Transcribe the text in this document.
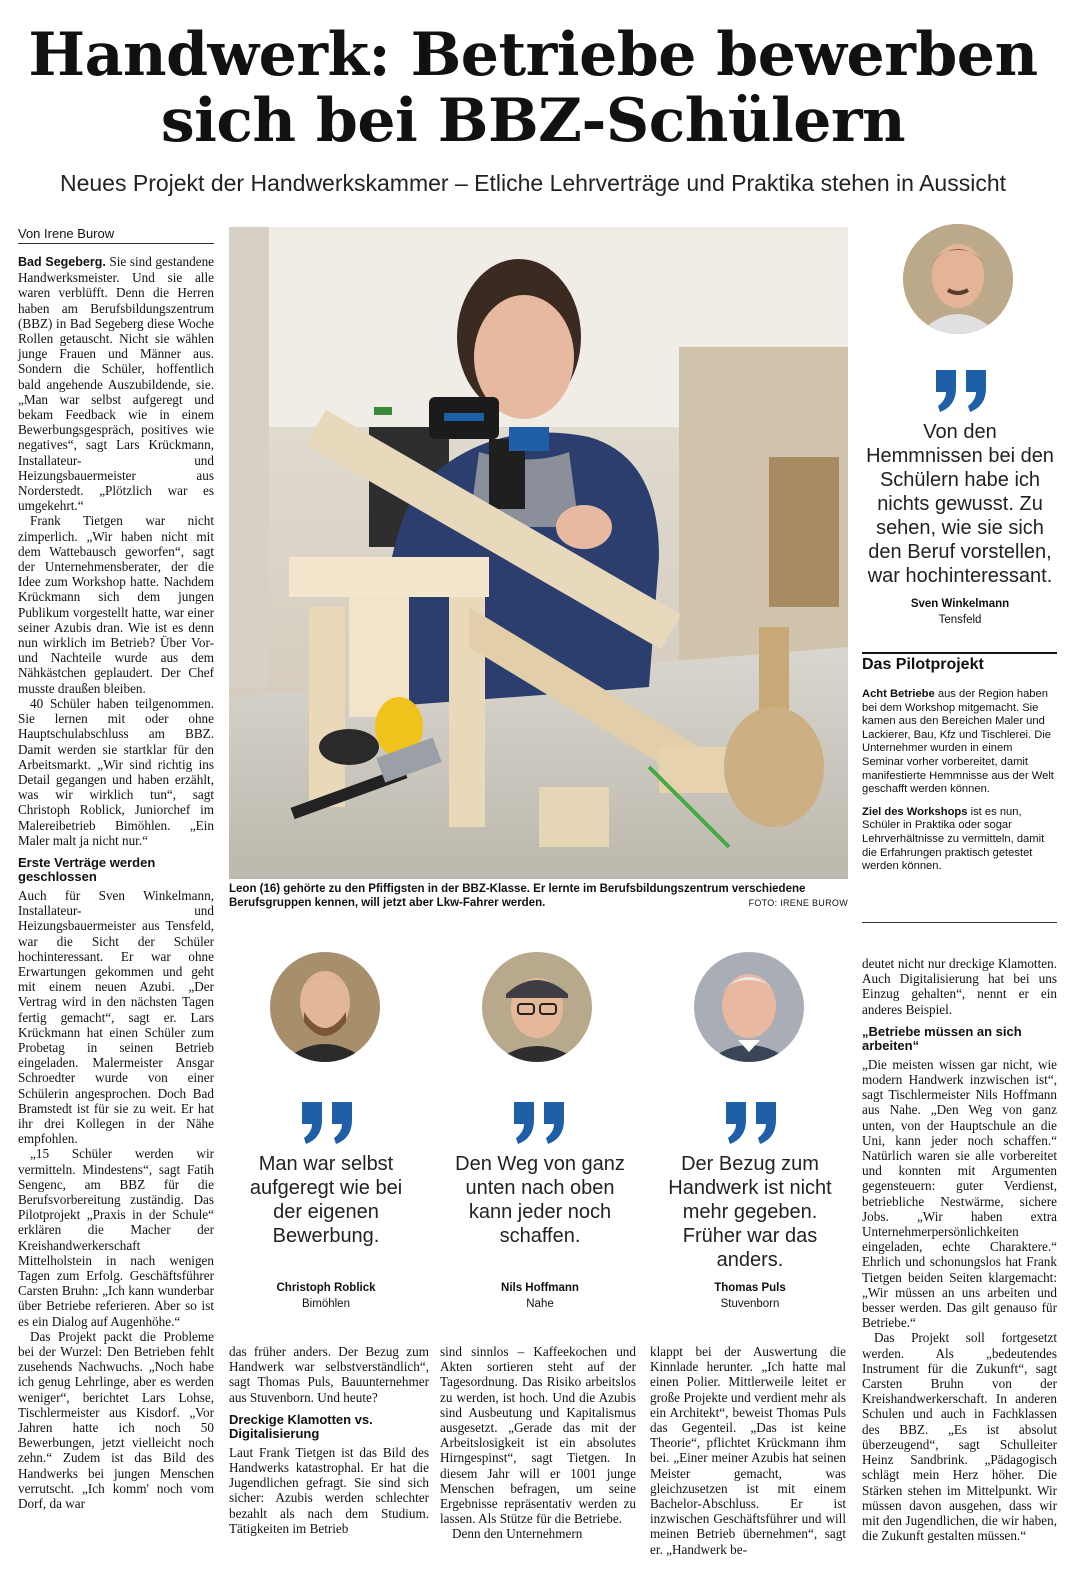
Handwerk: Betriebe bewerben
sich bei BBZ-Schülern
Neues Projekt der Handwerkskammer – Etliche Lehrverträge und Praktika stehen in Aussicht
Von Irene Burow

Bad Segeberg. Sie sind gestandene Handwerksmeister. Und sie alle waren verblüfft. Denn die Herren haben am Berufsbildungszentrum (BBZ) in Bad Segeberg diese Woche Rollen getauscht. Nicht sie wählen junge Frauen und Männer aus. Sondern die Schüler, hoffentlich bald angehende Auszubildende, sie. „Man war selbst aufgeregt und bekam Feedback wie in einem Bewerbungsgespräch, positives wie negatives“, sagt Lars Krückmann, Installateur- und Heizungsbauermeister aus Norderstedt. „Plötzlich war es umgekehrt.“

Frank Tietgen war nicht zimperlich. „Wir haben nicht mit dem Wattebausch geworfen“, sagt der Unternehmensberater, der die Idee zum Workshop hatte. Nachdem Krückmann sich dem jungen Publikum vorgestellt hatte, war einer seiner Azubis dran. Wie ist es denn nun wirklich im Betrieb? Über Vor- und Nachteile wurde aus dem Nähkästchen geplaudert. Der Chef musste draußen bleiben.

40 Schüler haben teilgenommen. Sie lernen mit oder ohne Hauptschulabschluss am BBZ. Damit werden sie startklar für den Arbeitsmarkt. „Wir sind richtig ins Detail gegangen und haben erzählt, was wir wirklich tun“, sagt Christoph Roblick, Juniorchef im Malereibetrieb Bimöhlen. „Ein Maler malt ja nicht nur.“

Erste Verträge werden geschlossen

Auch für Sven Winkelmann, Installateur- und Heizungsbauermeister aus Tensfeld, war die Sicht der Schüler hochinteressant. Er war ohne Erwartungen gekommen und geht mit einem neuen Azubi. „Der Vertrag wird in den nächsten Tagen fertig gemacht“, sagt er. Lars Krückmann hat einen Schüler zum Probetag in seinen Betrieb eingeladen. Malermeister Ansgar Schroedter wurde von einer Schülerin angesprochen. Doch Bad Bramstedt ist für sie zu weit. Er hat ihr drei Kollegen in der Nähe empfohlen.

„15 Schüler werden wir vermitteln. Mindestens“, sagt Fatih Sengenc, am BBZ für die Berufsvorbereitung zuständig. Das Pilotprojekt „Praxis in der Schule“ erklären die Macher der Kreishandwerkerschaft Mittelholstein in nach wenigen Tagen zum Erfolg. Geschäftsführer Carsten Bruhn: „Ich kann wunderbar über Betriebe referieren. Aber so ist es ein Dialog auf Augenhöhe.“

Das Projekt packt die Probleme bei der Wurzel: Den Betrieben fehlt zusehends Nachwuchs. „Noch habe ich genug Lehrlinge, aber es werden weniger“, berichtet Lars Lohse, Tischlermeister aus Kisdorf. „Vor Jahren hatte ich noch 50 Bewerbungen, jetzt vielleicht noch zehn.“ Zudem ist das Bild des Handwerks bei jungen Menschen verrutscht. „Ich komm' noch vom Dorf, da war

Leon (16) gehörte zu den Pfiffigsten in der BBZ-Klasse. Er lernte im Berufsbildungszentrum verschiedene Berufsgruppen kennen, will jetzt aber Lkw-Fahrer werden.	FOTO: IRENE BUROW
Von den Hemmnissen bei den Schülern habe ich nichts gewusst. Zu sehen, wie sie sich den Beruf vorstellen, war hochinteressant.
Sven Winkelmann
Tensfeld
Das Pilotprojekt

Acht Betriebe aus der Region haben bei dem Workshop mitgemacht. Sie kamen aus den Bereichen Maler und Lackierer, Bau, Kfz und Tischlerei. Die Unternehmer wurden in einem Seminar vorher vorbereitet, damit manifestierte Hemmnisse aus der Welt geschafft werden können.

Ziel des Workshops ist es nun, Schüler in Praktika oder sogar Lehrverhältnisse zu vermitteln, damit die Erfahrungen praktisch getestet werden können.

Man war selbst aufgeregt wie bei der eigenen Bewerbung.
Christoph Roblick
Bimöhlen
Den Weg von ganz unten nach oben kann jeder noch schaffen.
Nils Hoffmann
Nahe
Der Bezug zum Handwerk ist nicht mehr gegeben. Früher war das anders.
Thomas Puls
Stuvenborn

das früher anders. Der Bezug zum Handwerk war selbstverständlich“, sagt Thomas Puls, Bauunternehmer aus Stuvenborn. Und heute?

Dreckige Klamotten vs. Digitalisierung

Laut Frank Tietgen ist das Bild des Handwerks katastrophal. Er hat die Jugendlichen gefragt. Sie sind sich sicher: Azubis werden schlechter bezahlt als nach dem Studium. Tätigkeiten im Betrieb

sind sinnlos – Kaffeekochen und Akten sortieren steht auf der Tagesordnung. Das Risiko arbeitslos zu werden, ist hoch. Und die Azubis sind Ausbeutung und Kapitalismus ausgesetzt. „Gerade das mit der Arbeitslosigkeit ist ein absolutes Hirngespinst“, sagt Tietgen. In diesem Jahr will er 1001 junge Menschen befragen, um seine Ergebnisse repräsentativ werden zu lassen. Als Stütze für die Betriebe.

Denn den Unternehmern

klappt bei der Auswertung die Kinnlade herunter. „Ich hatte mal einen Polier. Mittlerweile leitet er große Projekte und verdient mehr als ein Architekt“, beweist Thomas Puls das Gegenteil. „Das ist keine Theorie“, pflichtet Krückmann ihm bei. „Einer meiner Azubis hat seinen Meister gemacht, was gleichzusetzen ist mit einem Bachelor-Abschluss. Er ist inzwischen Geschäftsführer und will meinen Betrieb übernehmen“, sagt er. „Handwerk be-

deutet nicht nur dreckige Klamotten. Auch Digitalisierung hat bei uns Einzug gehalten“, nennt er ein anderes Beispiel.

„Betriebe müssen an sich arbeiten“

„Die meisten wissen gar nicht, wie modern Handwerk inzwischen ist“, sagt Tischlermeister Nils Hoffmann aus Nahe. „Den Weg von ganz unten, von der Hauptschule an die Uni, kann jeder noch schaffen.“ Natürlich waren sie alle vorbereitet und konnten mit Argumenten gegensteuern: guter Verdienst, betriebliche Nestwärme, sichere Jobs. „Wir haben extra Unternehmerpersönlichkeiten eingeladen, echte Charaktere.“ Ehrlich und schonungslos hat Frank Tietgen beiden Seiten klargemacht: „Wir müssen an uns arbeiten und besser werden. Das gilt genauso für Betriebe.“

Das Projekt soll fortgesetzt werden. Als „bedeutendes Instrument für die Zukunft“, sagt Carsten Bruhn von der Kreishandwerkerschaft. In anderen Schulen und auch in Fachklassen des BBZ. „Es ist absolut überzeugend“, sagt Schulleiter Heinz Sandbrink. „Pädagogisch schlägt mein Herz höher. Die Stärken stehen im Mittelpunkt. Wir müssen davon ausgehen, dass wir mit den Jugendlichen, die wir haben, die Zukunft gestalten müssen.“
